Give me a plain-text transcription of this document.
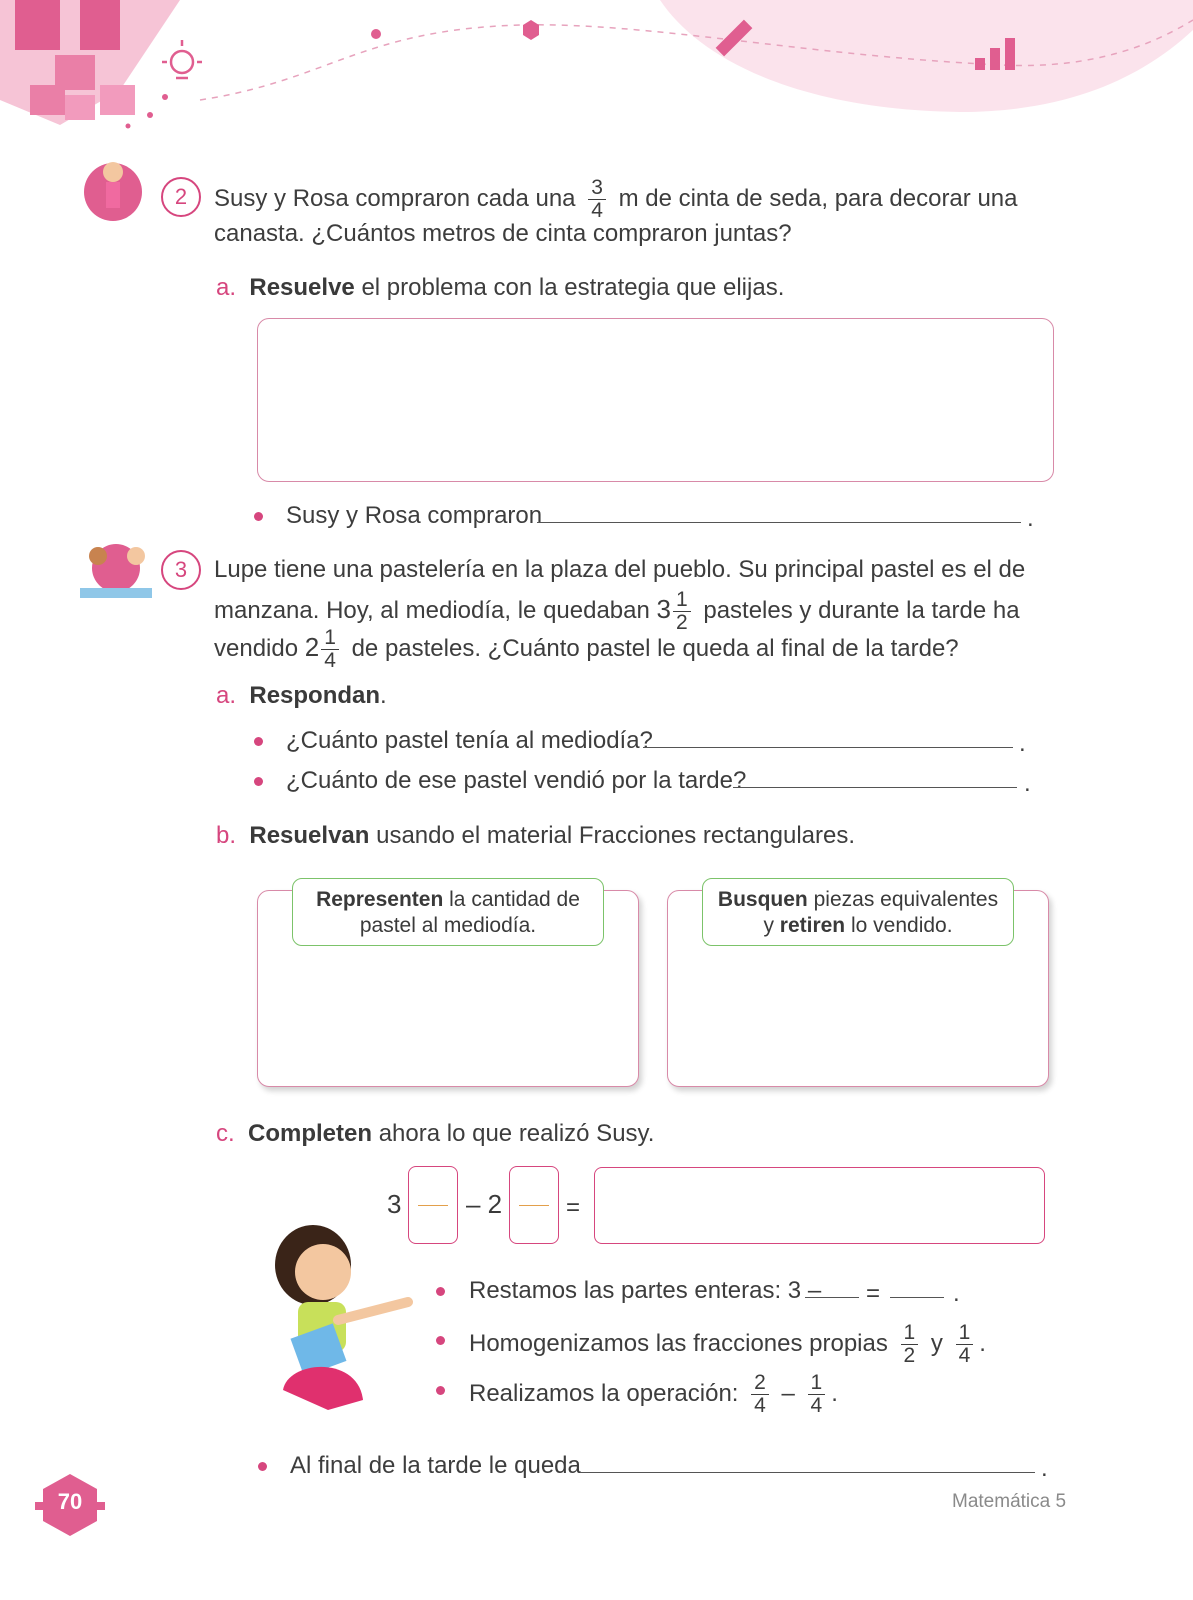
2	Susy y Rosa compraron cada una $\frac{3}{4}$ m de cinta de seda, para decorar una
canasta. ¿Cuántos metros de cinta compraron juntas?
a. Resuelve el problema con la estrategia que elijas.
Susy y Rosa compraron	.
3	Lupe tiene una pastelería en la plaza del pueblo. Su principal pastel es el de
manzana. Hoy, al mediodía, le quedaban $3 \frac{1}{2}$ pasteles y durante la tarde ha
vendido $2 \frac{1}{4}$ de pasteles. ¿Cuánto pastel le queda al final de la tarde?
a. Respondan.
¿Cuánto pastel tenía al mediodía?	.
¿Cuánto de ese pastel vendió por la tarde?	.
b. Resuelvan usando el material Fracciones rectangulares.
Representen la cantidad de
pastel al mediodía.
Busquen piezas equivalentes
y retiren lo vendido.
c. Completen ahora lo que realizó Susy.
3 – 2	=
Restamos las partes enteras: 3 – =	.
Homogenizamos las fracciones propias $\frac{1}{2}$ y $\frac{1}{4}$ .
Realizamos la operación: $\frac{2}{4} - \frac{1}{4}$ .
Al final de la tarde le queda	.
70	Matemática 5
